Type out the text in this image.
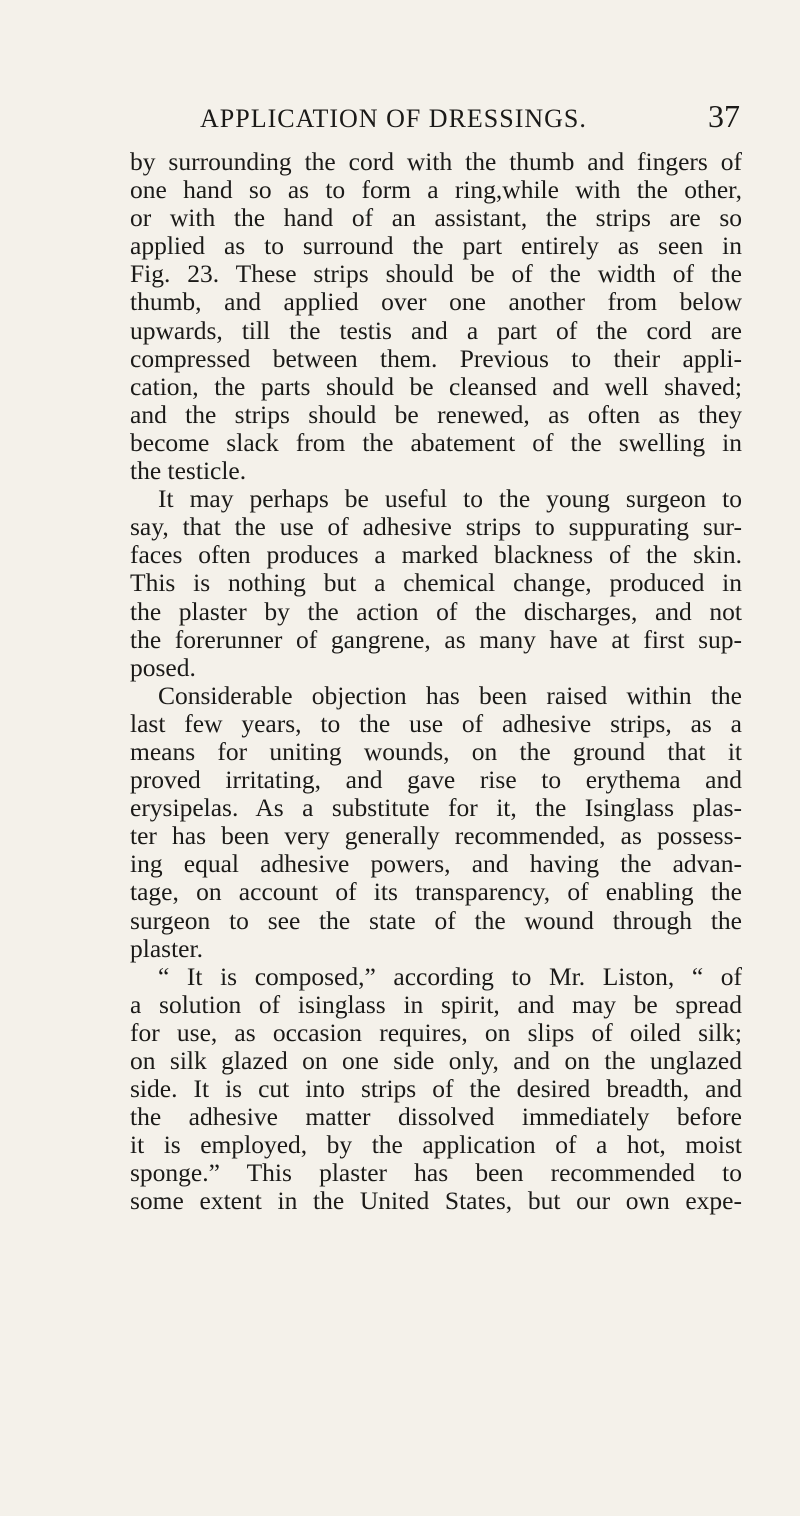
APPLICATION OF DRESSINGS.	37
by surrounding the cord with the thumb and fingers of
one hand so as to form a ring,while with the other,
or with the hand of an assistant, the strips are so
applied as to surround the part entirely as seen in
Fig. 23. These strips should be of the width of the
thumb, and applied over one another from below
upwards, till the testis and a part of the cord are
compressed between them. Previous to their appli-
cation, the parts should be cleansed and well shaved;
and the strips should be renewed, as often as they
become slack from the abatement of the swelling in
the testicle.
It may perhaps be useful to the young surgeon to
say, that the use of adhesive strips to suppurating sur-
faces often produces a marked blackness of the skin.
This is nothing but a chemical change, produced in
the plaster by the action of the discharges, and not
the forerunner of gangrene, as many have at first sup-
posed.
Considerable objection has been raised within the
last few years, to the use of adhesive strips, as a
means for uniting wounds, on the ground that it
proved irritating, and gave rise to erythema and
erysipelas. As a substitute for it, the Isinglass plas-
ter has been very generally recommended, as possess-
ing equal adhesive powers, and having the advan-
tage, on account of its transparency, of enabling the
surgeon to see the state of the wound through the
plaster.
“ It is composed,” according to Mr. Liston, “ of
a solution of isinglass in spirit, and may be spread
for use, as occasion requires, on slips of oiled silk;
on silk glazed on one side only, and on the unglazed
side. It is cut into strips of the desired breadth, and
the adhesive matter dissolved immediately before
it is employed, by the application of a hot, moist
sponge.” This plaster has been recommended to
some extent in the United States, but our own expe-
